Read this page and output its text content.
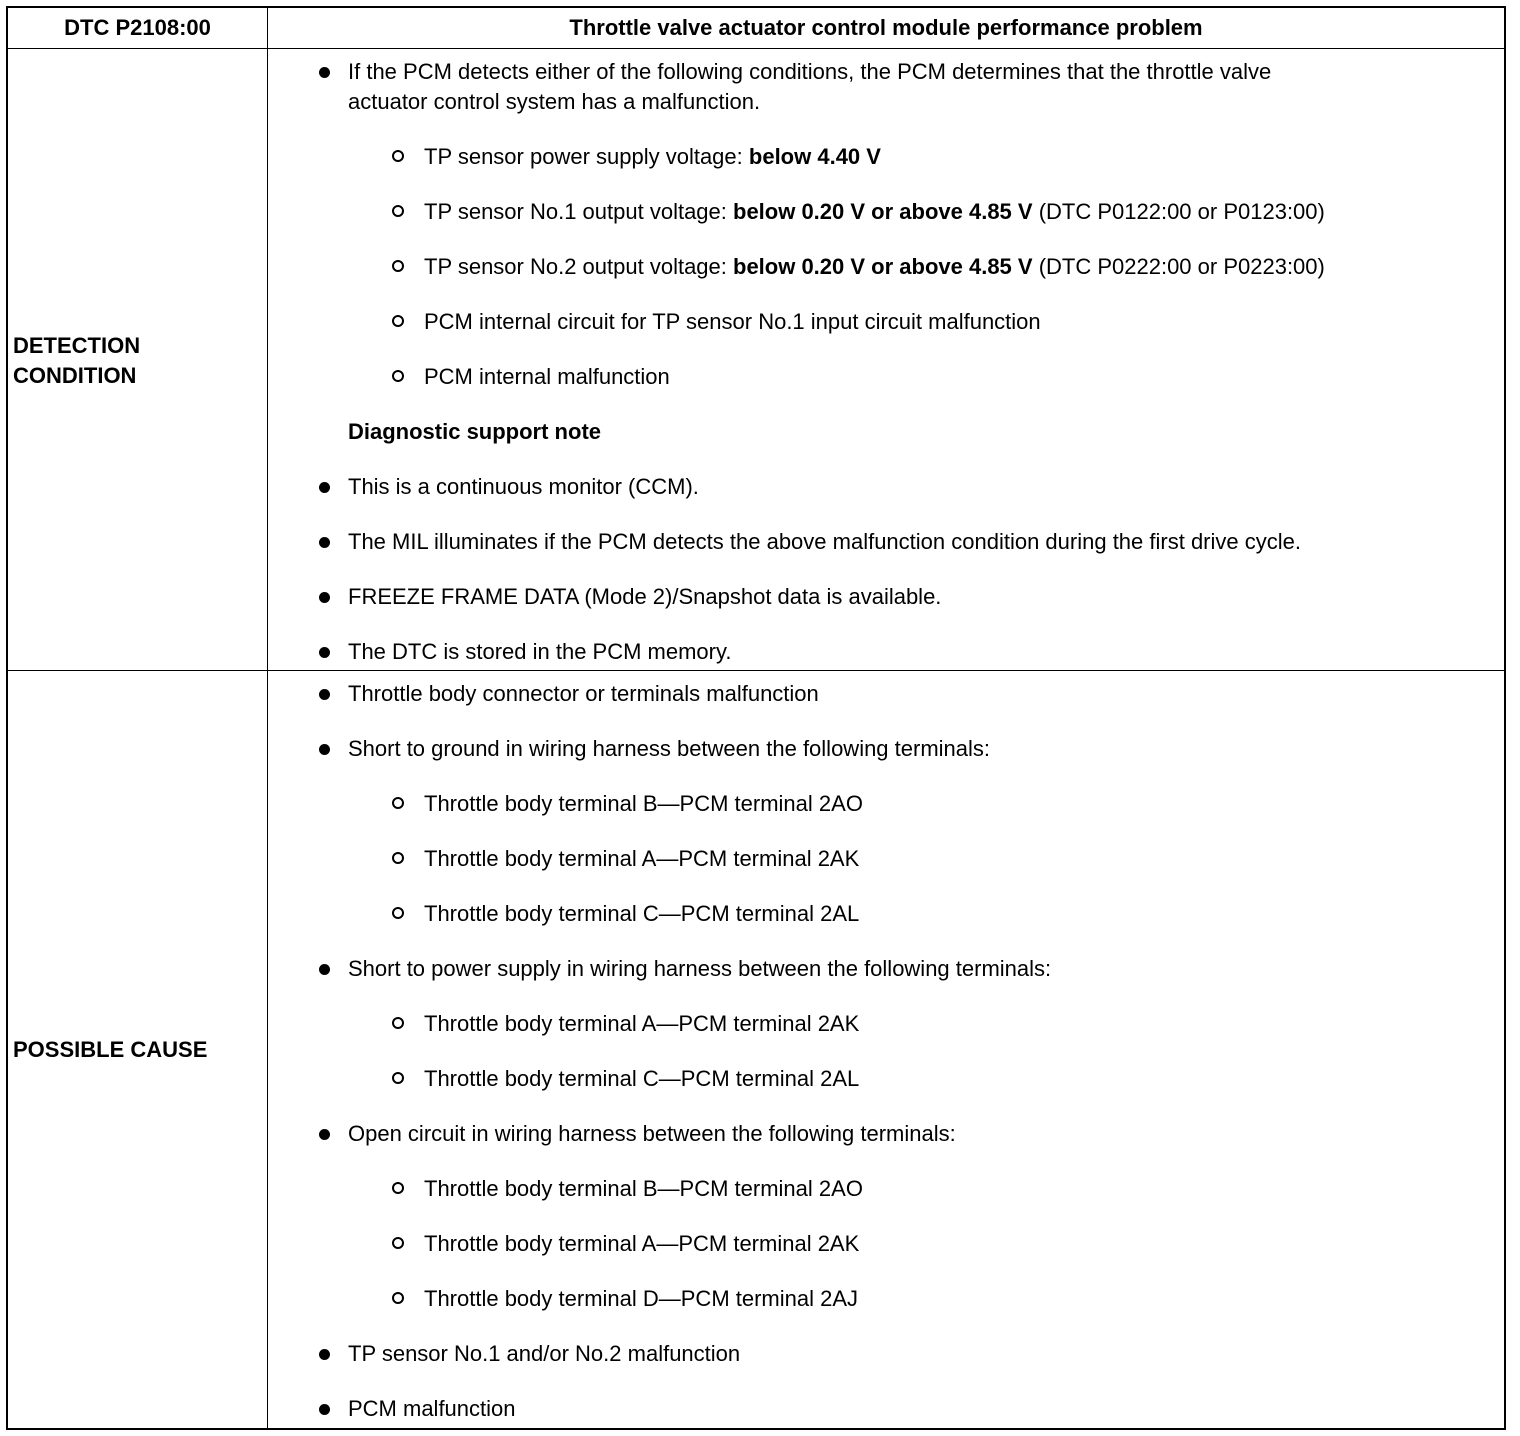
DTC P2108:00	Throttle valve actuator control module performance problem
DETECTION
CONDITION
If the PCM detects either of the following conditions, the PCM determines that the throttle valve
actuator control system has a malfunction.
TP sensor power supply voltage: below 4.40 V
TP sensor No.1 output voltage: below 0.20 V or above 4.85 V (DTC P0122:00 or P0123:00)
TP sensor No.2 output voltage: below 0.20 V or above 4.85 V (DTC P0222:00 or P0223:00)
PCM internal circuit for TP sensor No.1 input circuit malfunction
PCM internal malfunction
Diagnostic support note
This is a continuous monitor (CCM).
The MIL illuminates if the PCM detects the above malfunction condition during the first drive cycle.
FREEZE FRAME DATA (Mode 2)/Snapshot data is available.
The DTC is stored in the PCM memory.
POSSIBLE CAUSE
Throttle body connector or terminals malfunction
Short to ground in wiring harness between the following terminals:
Throttle body terminal B—PCM terminal 2AO
Throttle body terminal A—PCM terminal 2AK
Throttle body terminal C—PCM terminal 2AL
Short to power supply in wiring harness between the following terminals:
Throttle body terminal A—PCM terminal 2AK
Throttle body terminal C—PCM terminal 2AL
Open circuit in wiring harness between the following terminals:
Throttle body terminal B—PCM terminal 2AO
Throttle body terminal A—PCM terminal 2AK
Throttle body terminal D—PCM terminal 2AJ
TP sensor No.1 and/or No.2 malfunction
PCM malfunction
